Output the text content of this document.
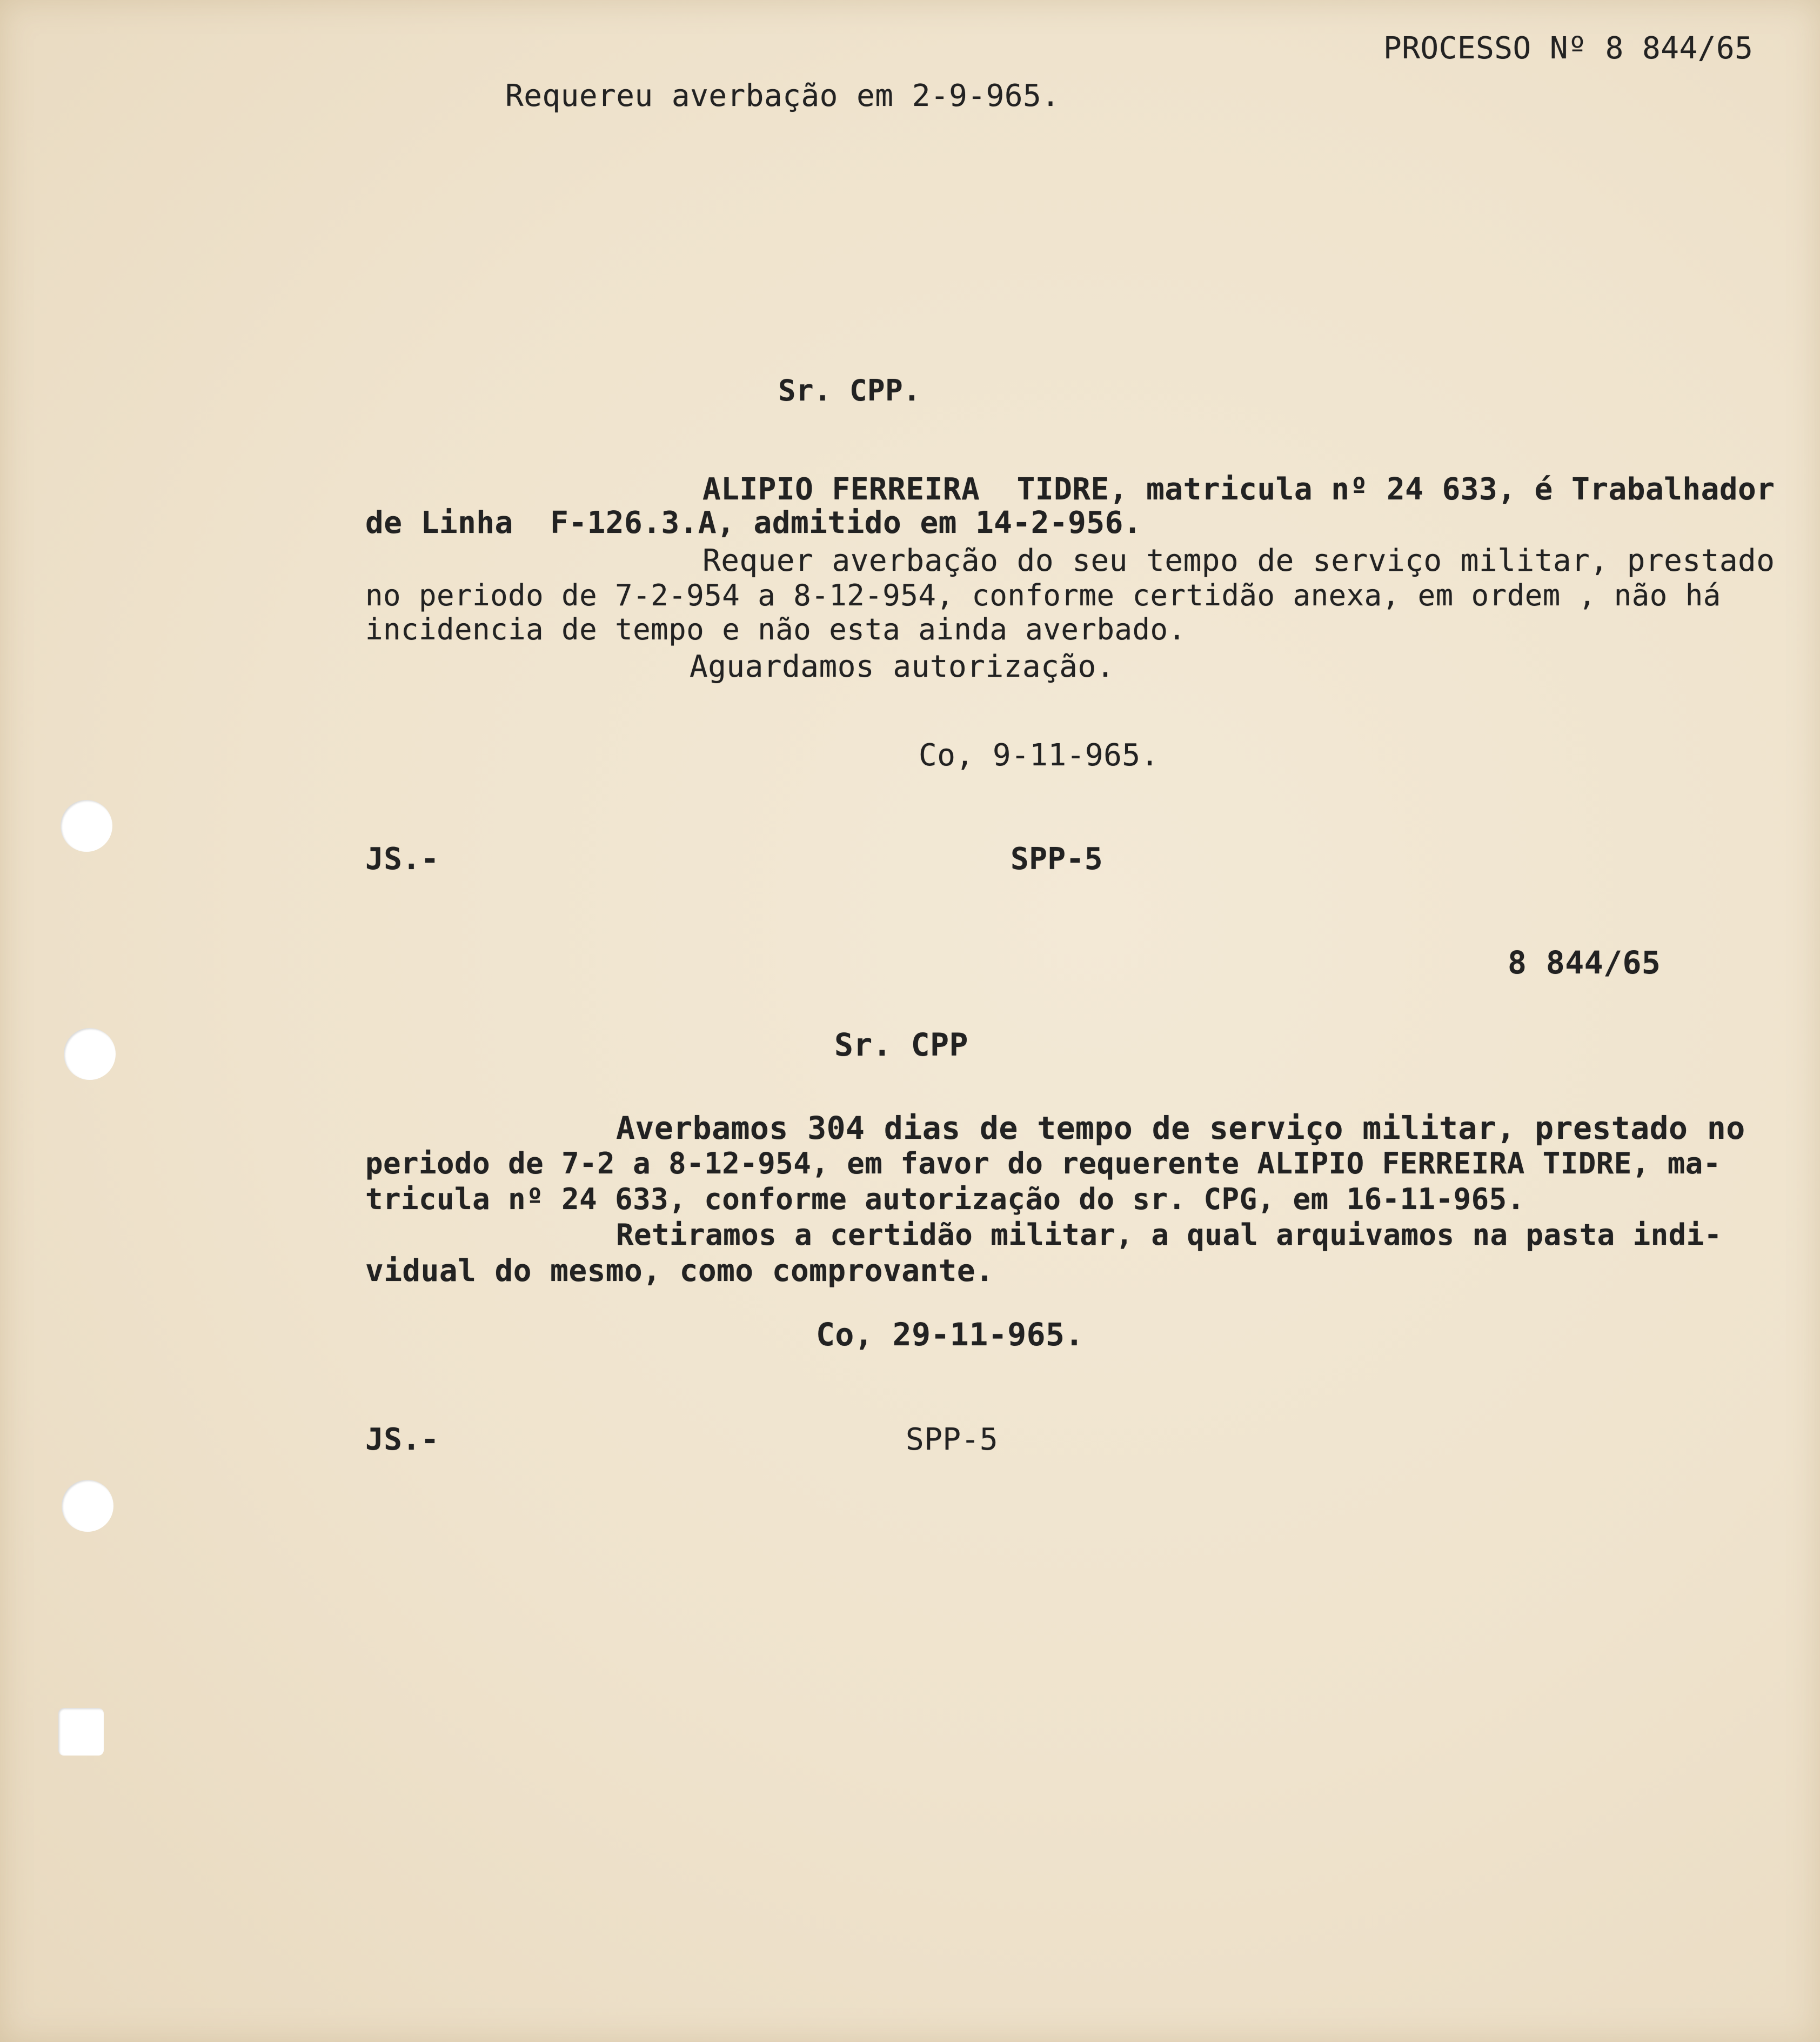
PROCESSO Nº 8 844/65
Requereu averbação em 2-9-965.
Sr. CPP.
ALIPIO FERREIRA  TIDRE, matricula nº 24 633, é Trabalhador
de Linha  F-126.3.A, admitido em 14-2-956.
Requer averbação do seu tempo de serviço militar, prestado
no periodo de 7-2-954 a 8-12-954, conforme certidão anexa, em ordem , não há
incidencia de tempo e não esta ainda averbado.
Aguardamos autorização.
Co, 9-11-965.
JS.-	SPP-5
8 844/65
Sr. CPP
Averbamos 304 dias de tempo de serviço militar, prestado no
periodo de 7-2 a 8-12-954, em favor do requerente ALIPIO FERREIRA TIDRE, ma-
tricula nº 24 633, conforme autorização do sr. CPG, em 16-11-965.
Retiramos a certidão militar, a qual arquivamos na pasta indi-
vidual do mesmo, como comprovante.
Co, 29-11-965.
JS.-	SPP-5
